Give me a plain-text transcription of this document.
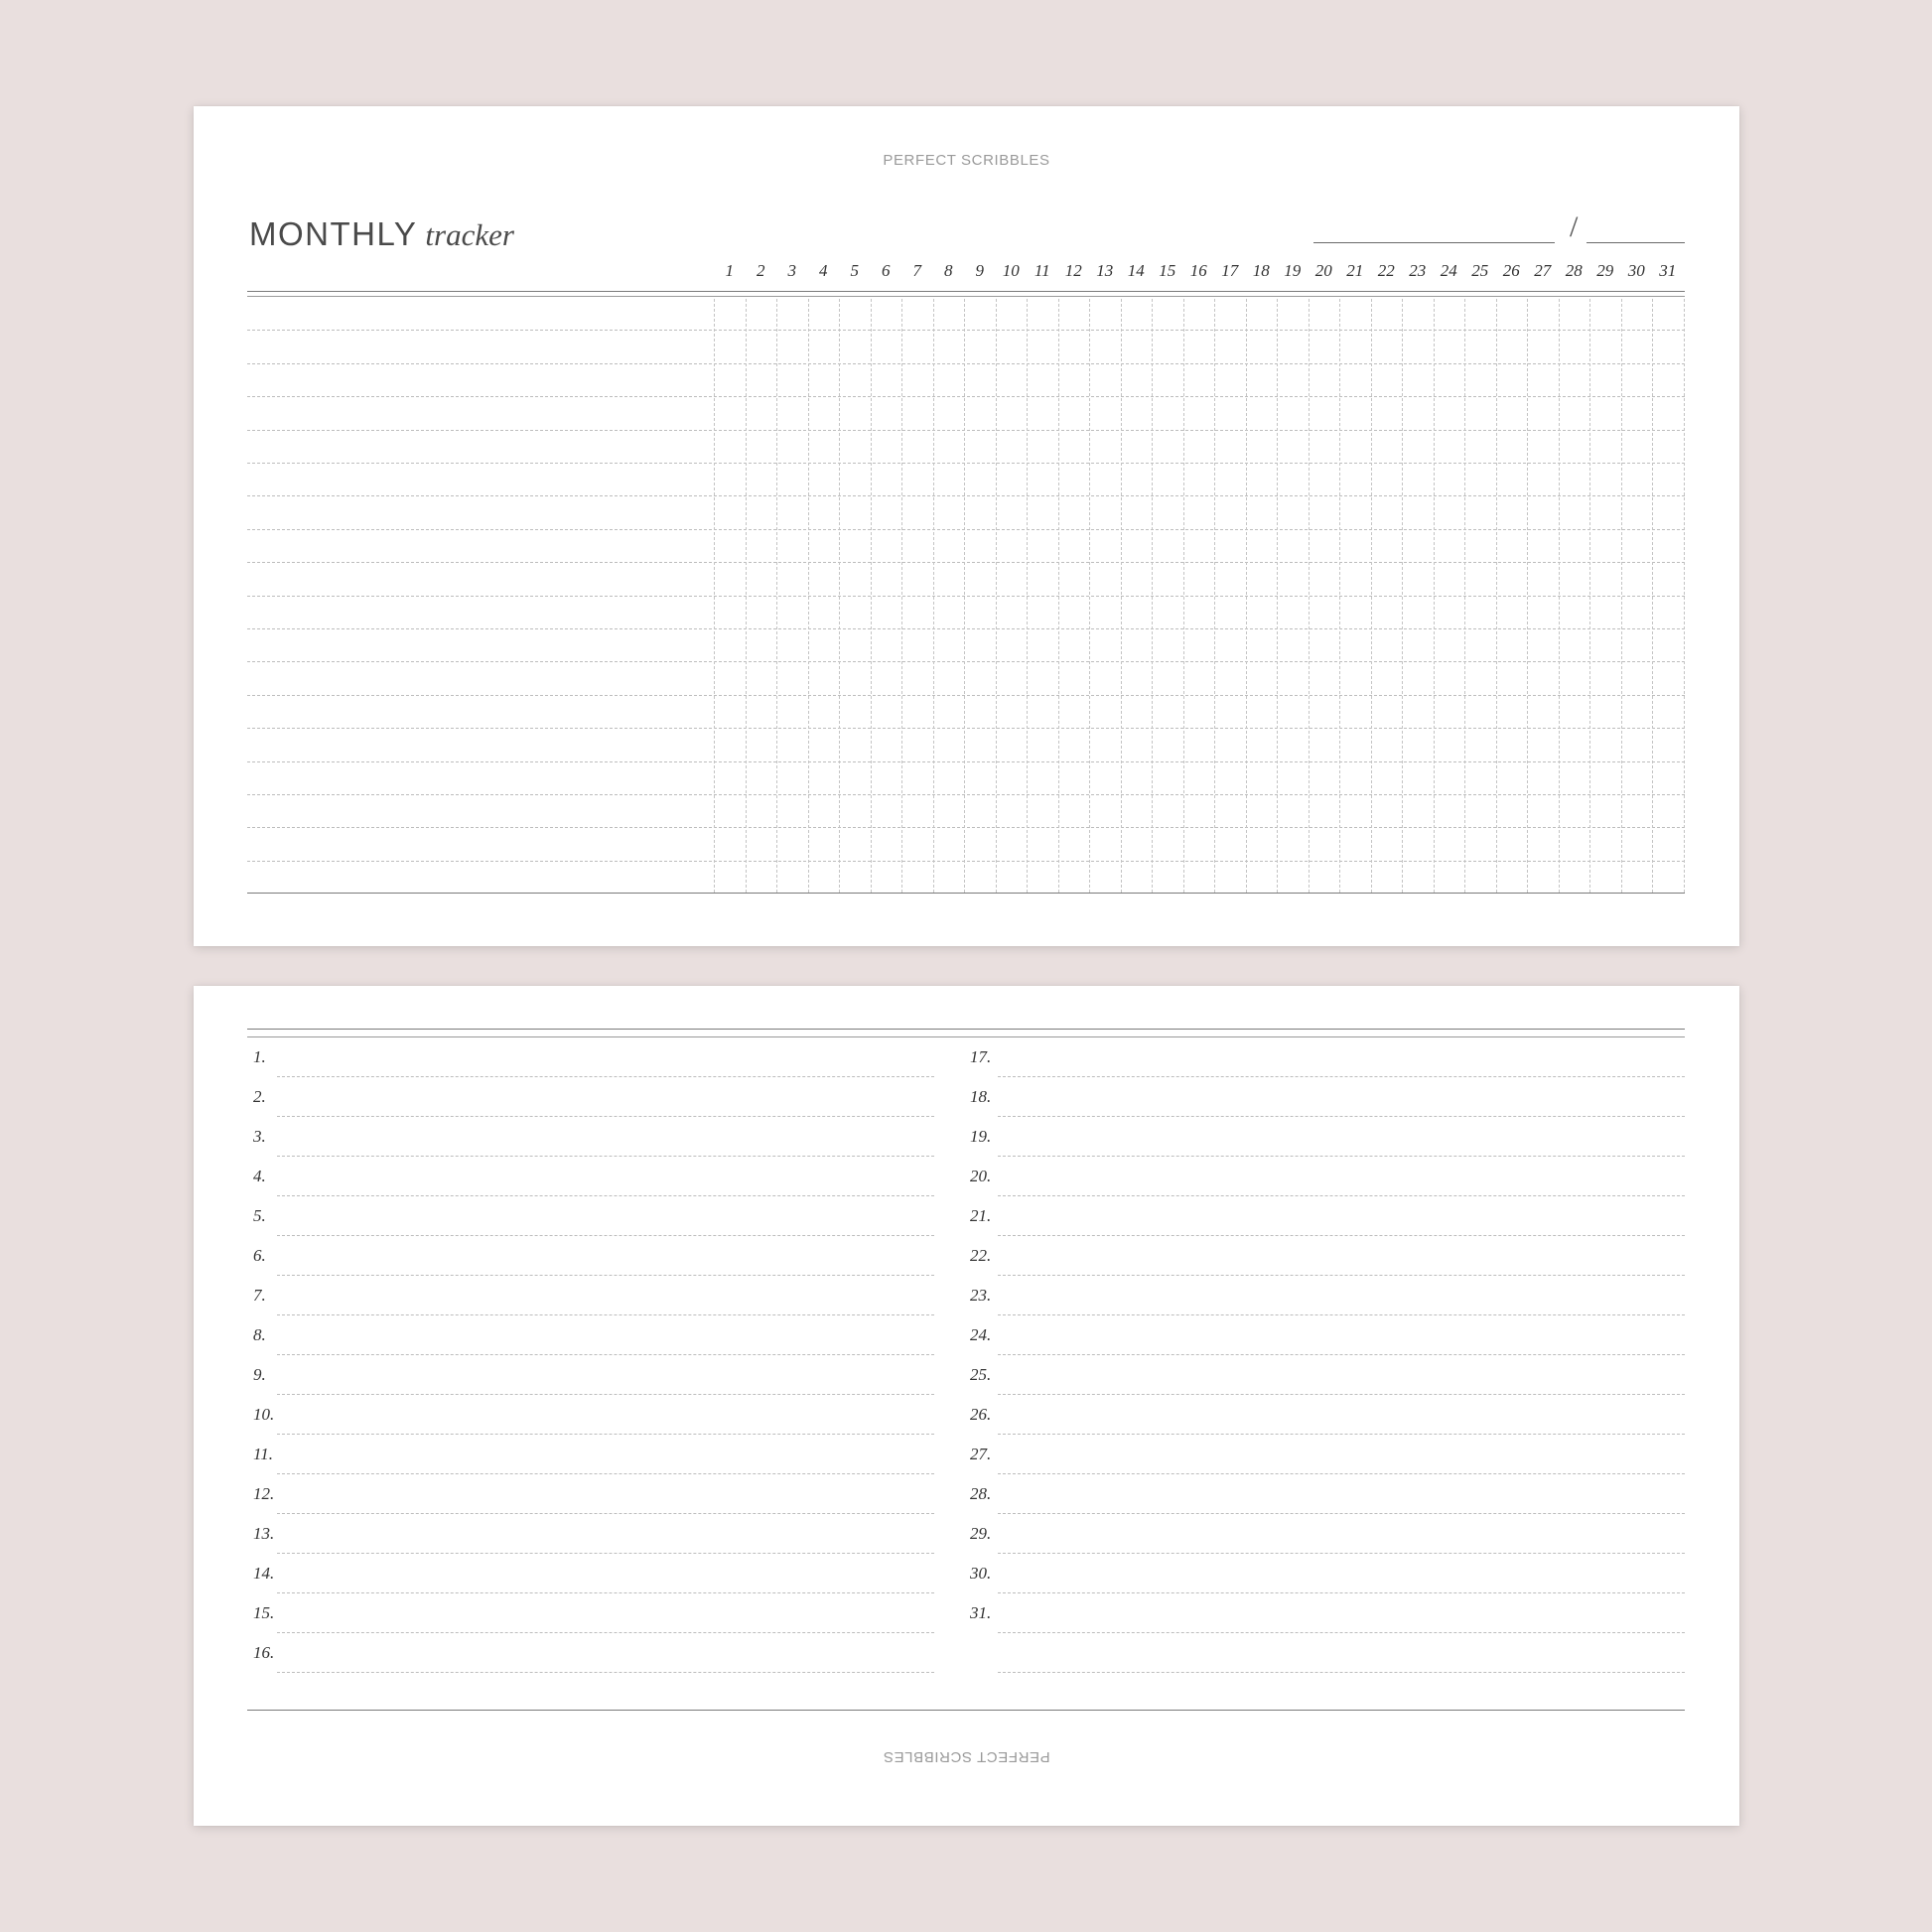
PERFECT SCRIBBLES
MONTHLY tracker	/
1	2	3	4	5	6	7	8	9	10 11 12 13 14 15 16 17 18 19 20 21 22 23 24 25 26 27 28 29 30 31
1.
2.
3.
4.
5.
6.
7.
8.
9.
10.
11.
12.
13.
14.
15.
16.
17.
18.
19.
20.
21.
22.
23.
24.
25.
26.
27.
28.
29.
30.
31.
PERFECT SCRIBBLES
